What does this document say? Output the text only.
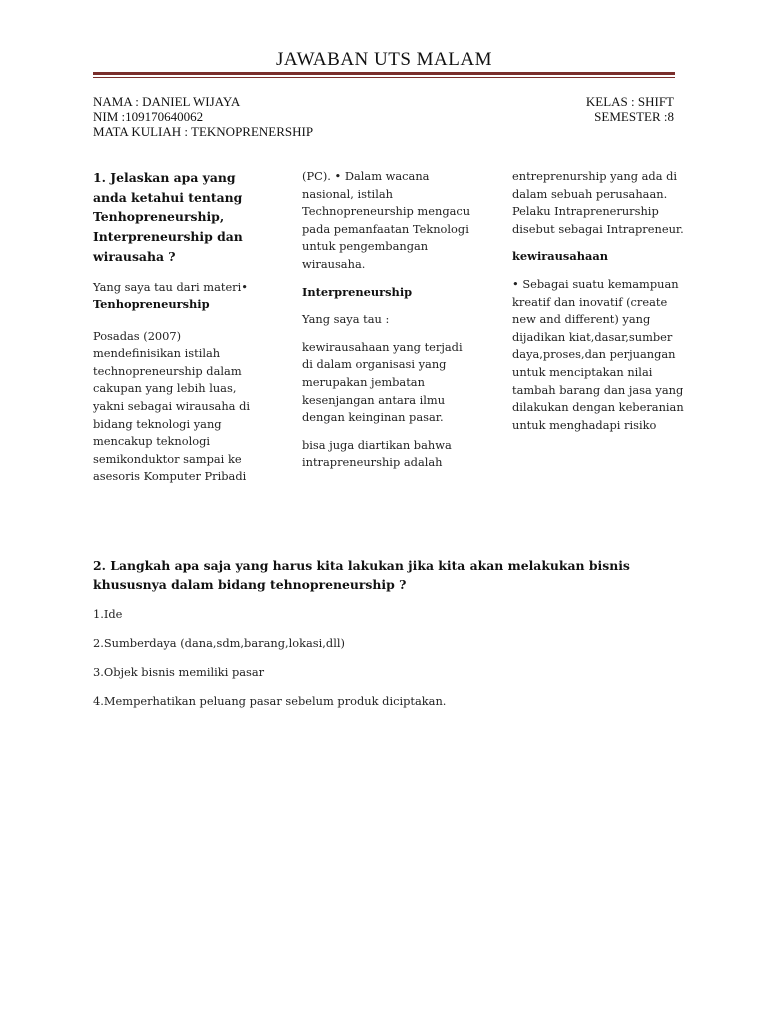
JAWABAN UTS MALAM
NAMA : DANIEL WIJAYA
NIM :109170640062
MATA KULIAH : TEKNOPRENERSHIP
KELAS : SHIFT
SEMESTER :8

1. Jelaskan apa yang anda ketahui tentang Tenhopreneurship, Interpreneurship dan wirausaha ?

Yang saya tau dari materi•
Tenhopreneurship

Posadas (2007) mendefinisikan istilah technopreneurship dalam cakupan yang lebih luas, yakni sebagai wirausaha di bidang teknologi yang mencakup teknologi semikonduktor sampai ke asesoris Komputer Pribadi

(PC). • Dalam wacana nasional, istilah Technopreneurship mengacu pada pemanfaatan Teknologi untuk pengembangan wirausaha.

Interpreneurship

Yang saya tau :

kewirausahaan yang terjadi di dalam organisasi yang merupakan jembatan kesenjangan antara ilmu dengan keinginan pasar.

bisa juga diartikan bahwa intrapreneurship adalah

entreprenurship yang ada di dalam sebuah perusahaan. Pelaku Intraprenerurship disebut sebagai Intrapreneur.

kewirausahaan

• Sebagai suatu kemampuan kreatif dan inovatif (create new and different) yang dijadikan kiat,dasar,sumber daya,proses,dan perjuangan untuk menciptakan nilai tambah barang dan jasa yang dilakukan dengan keberanian untuk menghadapi risiko

2. Langkah apa saja yang harus kita lakukan jika kita akan melakukan bisnis khususnya dalam bidang tehnopreneurship ?

1.Ide

2.Sumberdaya (dana,sdm,barang,lokasi,dll)

3.Objek bisnis memiliki pasar

4.Memperhatikan peluang pasar sebelum produk diciptakan.
